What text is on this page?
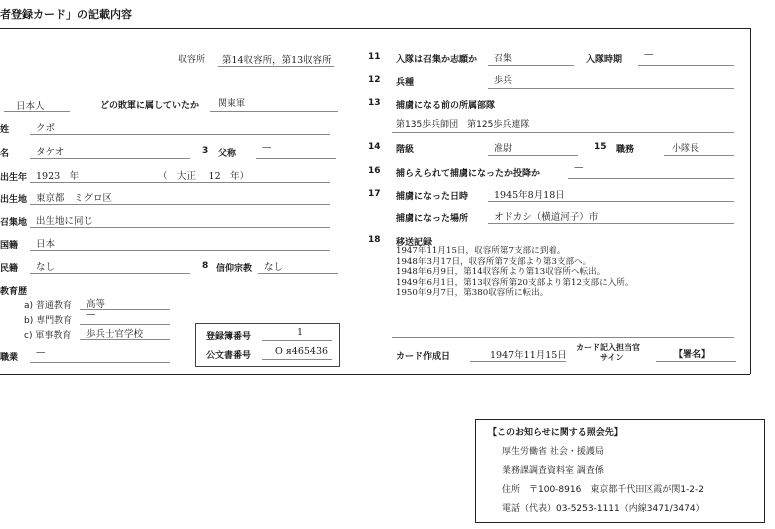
者登録カード」の記載内容
収容所 第14収容所，第13収容所
日本人	どの敗軍に属していたか 関東軍
姓	クボ
名	タケオ	3 父称
—
出生年 1923　年	（　大正　 12　年）
出生地 東京都　ミグロ区
召集地 出生地に同じ
国籍 日本
民籍 なし	8 信仰宗教 なし
教育歴
a) 普通教育 高等
b) 専門教育
—
c) 軍事教育 歩兵士官学校
職業 —
登録簿番号	1
公文書番号	О я465436
11 入隊は召集か志願か 召集	入隊時期 —
12 兵種	歩兵
13 捕虜になる前の所属部隊
第135歩兵師団　第125歩兵連隊
14 階級	准尉	15 職務	小隊長
16 捕らえられて捕虜になったか投降か
—
17 捕虜になった日時	1945年8月18日
捕虜になった場所	オドカシ（横道河子）市
18 移送記録
1947年11月15日，収容所第7支部に到着。
1948年3月17日，収容所第7支部より第3支部へ。
1948年6月9日，第14収容所より第13収容所へ転出。
1949年6月1日，第13収容所第20支部より第12支部に入所。
1950年9月7日，第380収容所に転出。
カード作成日	1947年11月15日
カード記入担当官
サイン	【署名】
【このお知らせに関する照会先】
厚生労働省 社会・援護局
業務課調査資料室 調査係
住所　〒100-8916　東京都千代田区霞が関1-2-2
電話（代表）03-5253-1111（内線3471/3474）
